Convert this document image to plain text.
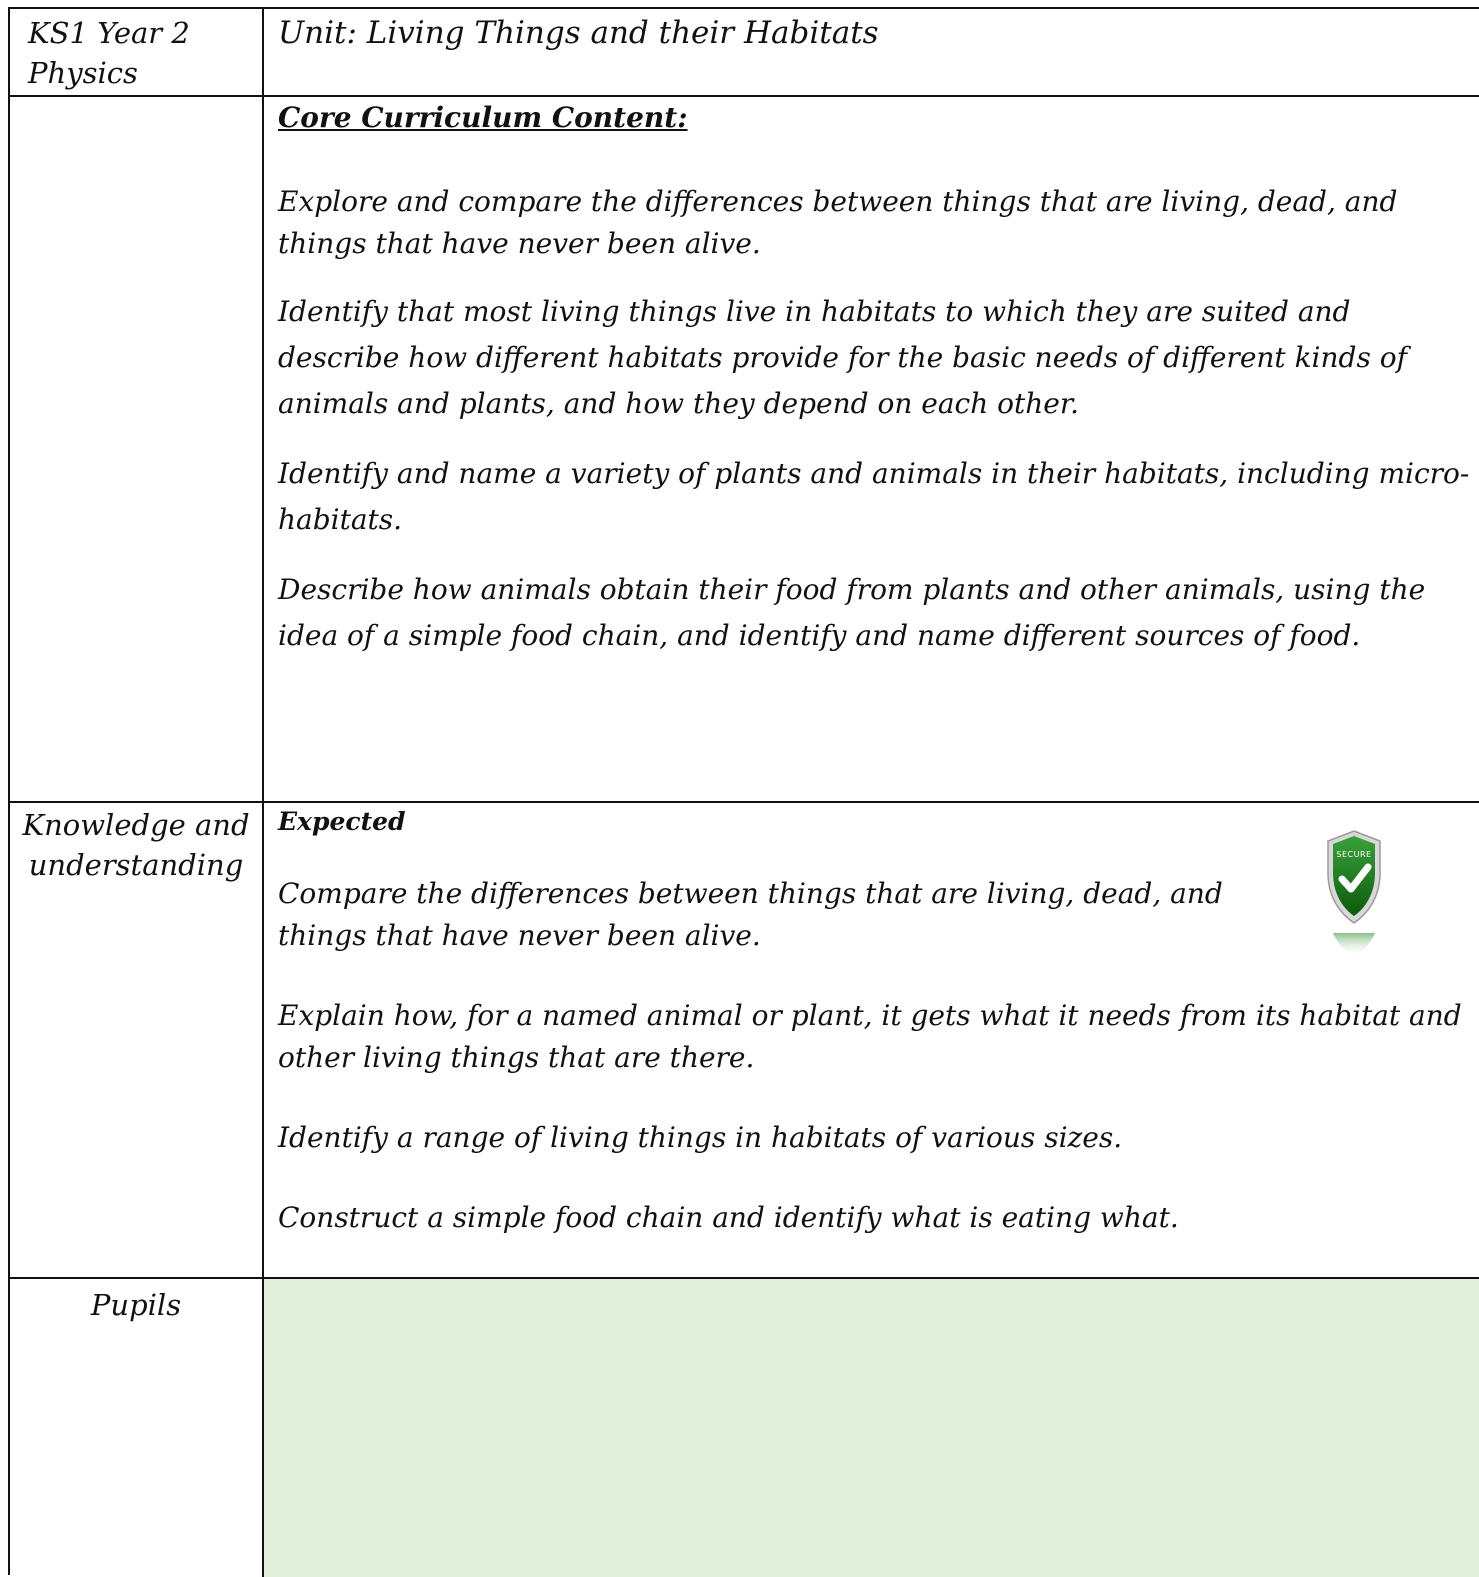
KS1 Year 2
Physics
Unit: Living Things and their Habitats
Core Curriculum Content:

Explore and compare the differences between things that are living, dead, and things that have never been alive.

Identify that most living things live in habitats to which they are suited and describe how different habitats provide for the basic needs of different kinds of animals and plants, and how they depend on each other.

Identify and name a variety of plants and animals in their habitats, including micro-habitats.

Describe how animals obtain their food from plants and other animals, using the idea of a simple food chain, and identify and name different sources of food.

Knowledge and understanding
Expected

Compare the differences between things that are living, dead, and things that have never been alive.

Explain how, for a named animal or plant, it gets what it needs from its habitat and other living things that are there.

Identify a range of living things in habitats of various sizes.

Construct a simple food chain and identify what is eating what.

SECURE
Pupils
